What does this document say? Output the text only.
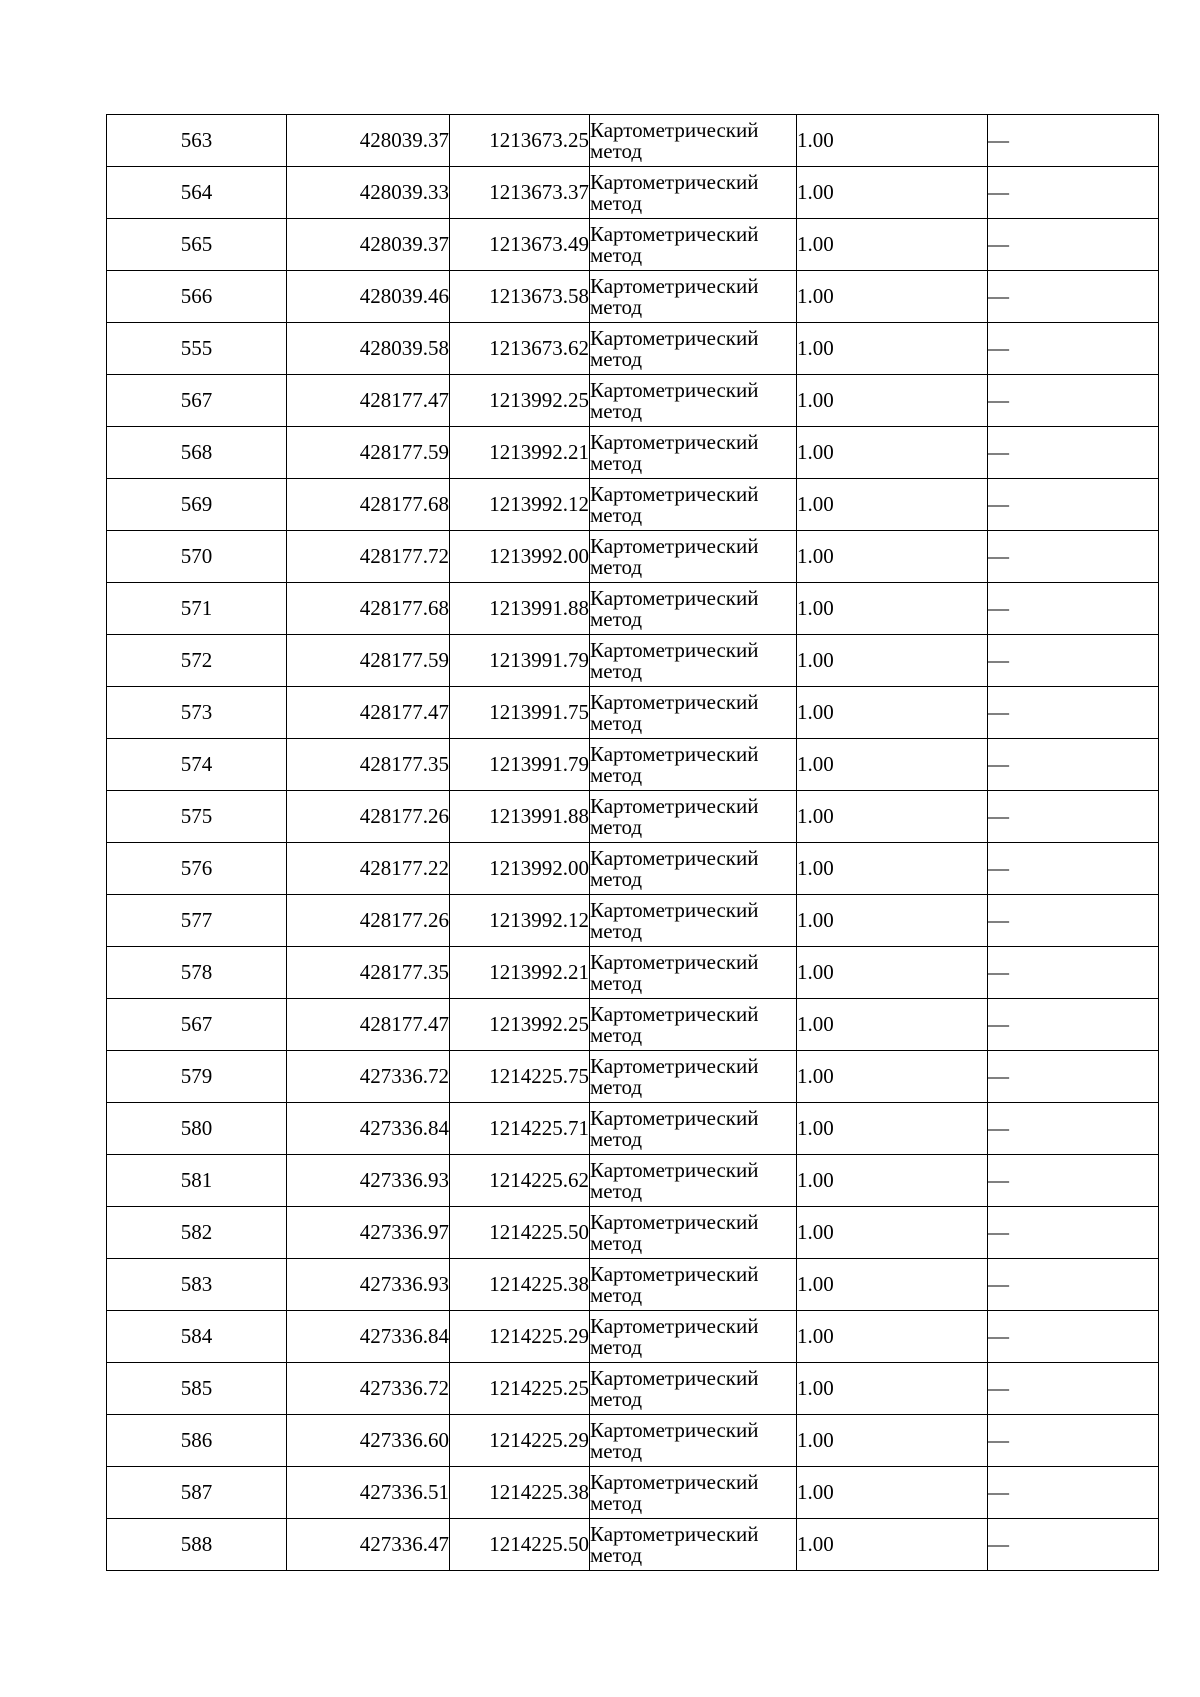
563	428039.37	1213673.25	Картометрический
метод	1.00	—
564	428039.33	1213673.37	Картометрический
метод	1.00	—
565	428039.37	1213673.49	Картометрический
метод	1.00	—
566	428039.46	1213673.58	Картометрический
метод	1.00	—
555	428039.58	1213673.62	Картометрический
метод	1.00	—
567	428177.47	1213992.25	Картометрический
метод	1.00	—
568	428177.59	1213992.21	Картометрический
метод	1.00	—
569	428177.68	1213992.12	Картометрический
метод	1.00	—
570	428177.72	1213992.00	Картометрический
метод	1.00	—
571	428177.68	1213991.88	Картометрический
метод	1.00	—
572	428177.59	1213991.79	Картометрический
метод	1.00	—
573	428177.47	1213991.75	Картометрический
метод	1.00	—
574	428177.35	1213991.79	Картометрический
метод	1.00	—
575	428177.26	1213991.88	Картометрический
метод	1.00	—
576	428177.22	1213992.00	Картометрический
метод	1.00	—
577	428177.26	1213992.12	Картометрический
метод	1.00	—
578	428177.35	1213992.21	Картометрический
метод	1.00	—
567	428177.47	1213992.25	Картометрический
метод	1.00	—
579	427336.72	1214225.75	Картометрический
метод	1.00	—
580	427336.84	1214225.71	Картометрический
метод	1.00	—
581	427336.93	1214225.62	Картометрический
метод	1.00	—
582	427336.97	1214225.50	Картометрический
метод	1.00	—
583	427336.93	1214225.38	Картометрический
метод	1.00	—
584	427336.84	1214225.29	Картометрический
метод	1.00	—
585	427336.72	1214225.25	Картометрический
метод	1.00	—
586	427336.60	1214225.29	Картометрический
метод	1.00	—
587	427336.51	1214225.38	Картометрический
метод	1.00	—
588	427336.47	1214225.50	Картометрический
метод	1.00	—
